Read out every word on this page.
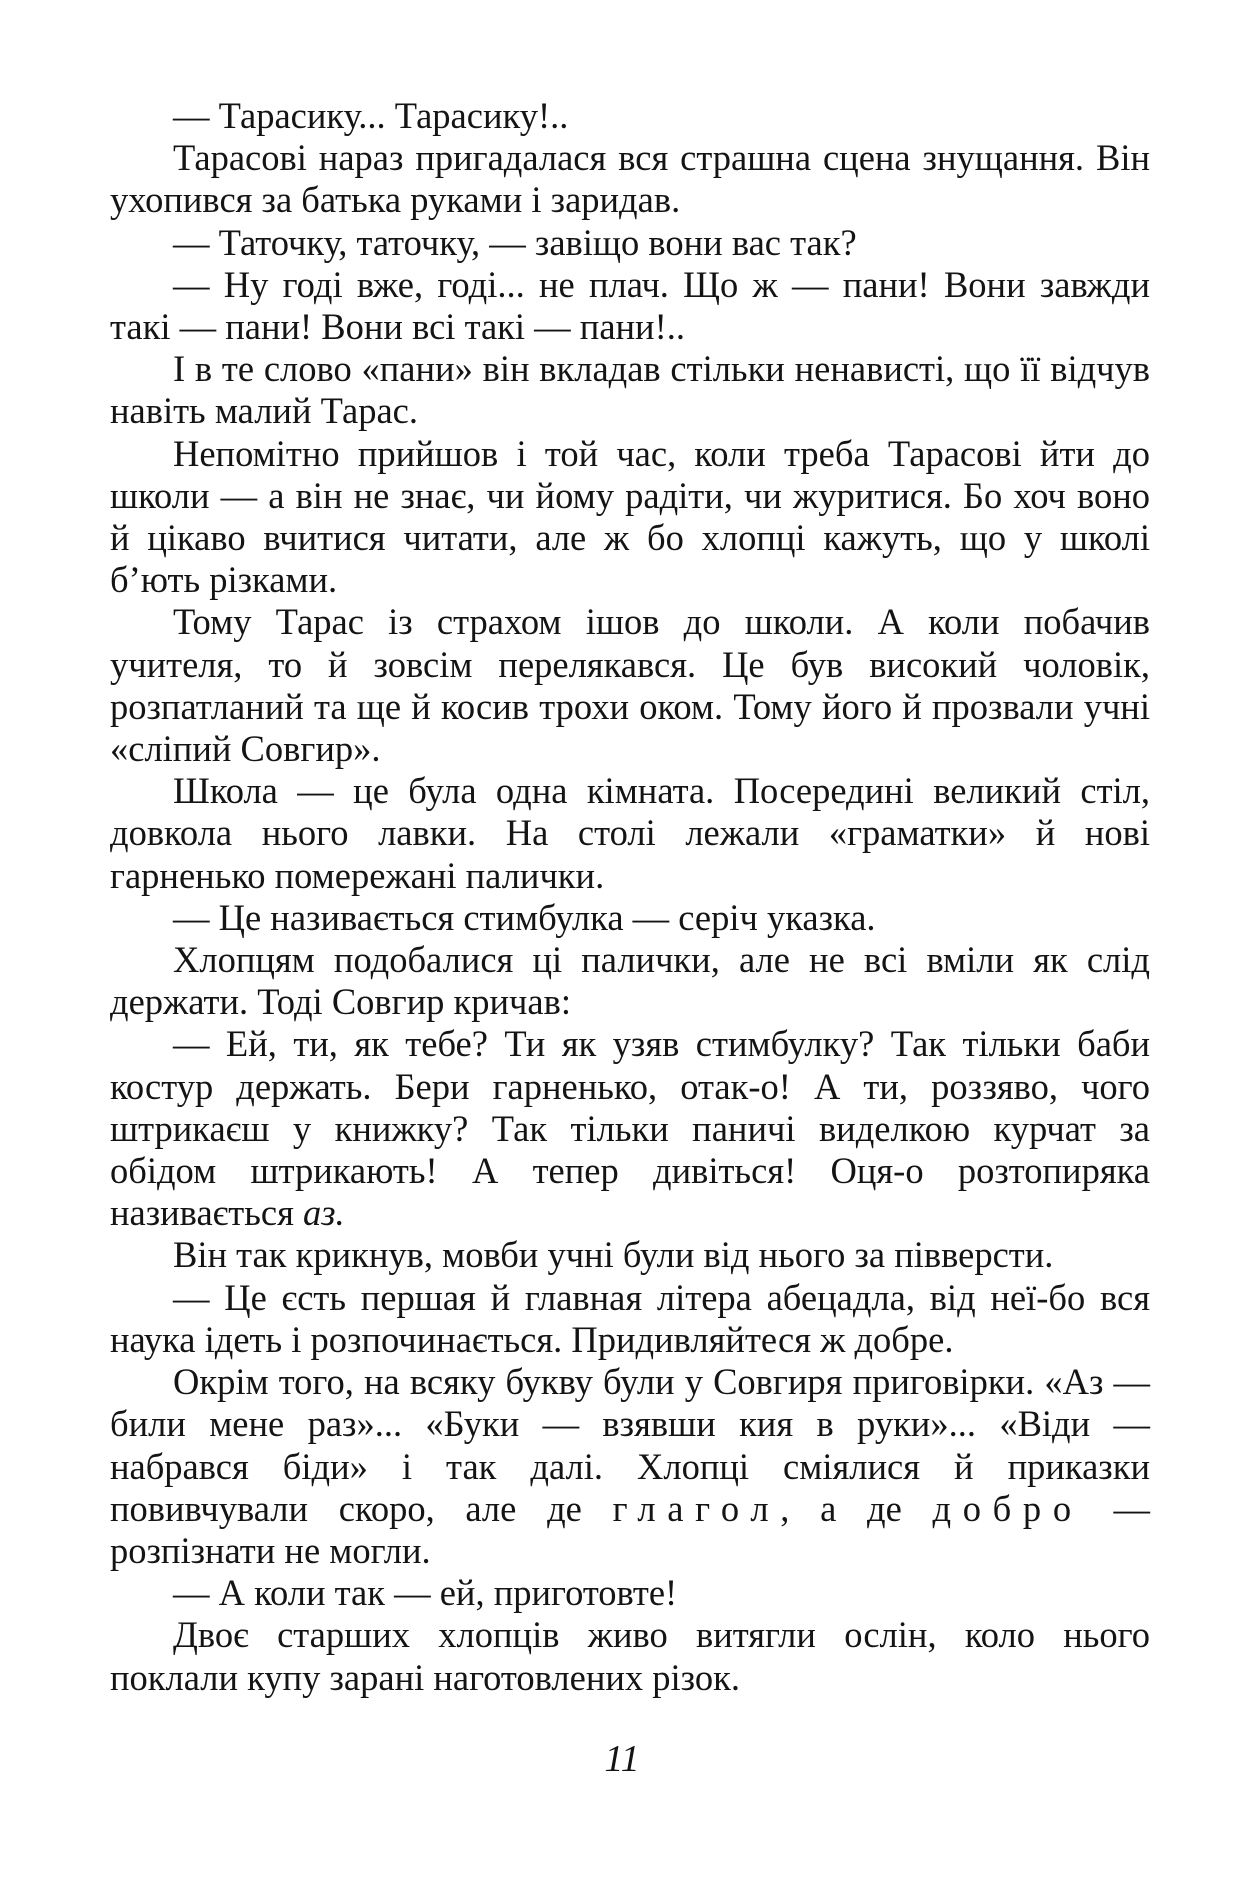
— Тарасику... Тарасику!..

Тарасові нараз пригадалася вся страшна сцена знущання. Він ухопився за батька руками і заридав.

— Таточку, таточку, — завіщо вони вас так?

— Ну годі вже, годі... не плач. Що ж — пани! Вони завжди такі — пани! Вони всі такі — пани!..

І в те слово «пани» він вкладав стільки ненависті, що її відчув навіть малий Тарас.

Непомітно прийшов і той час, коли треба Тарасові йти до школи — а він не знає, чи йому радіти, чи журитися. Бо хоч воно й цікаво вчитися читати, але ж бо хлопці кажуть, що у школі б’ють різками.

Тому Тарас із страхом ішов до школи. А коли побачив учителя, то й зовсім перелякався. Це був високий чоловік, розпатланий та ще й косив трохи оком. Тому його й прозвали учні «сліпий Совгир».

Школа — це була одна кімната. Посередині великий стіл, довкола нього лавки. На столі лежали «граматки» й нові гарненько помережані палички.

— Це називається стимбулка — серіч указка.

Хлопцям подобалися ці палички, але не всі вміли як слід держати. Тоді Совгир кричав:

— Ей, ти, як тебе? Ти як узяв стимбулку? Так тільки баби костур держать. Бери гарненько, отак-о! А ти, роззяво, чого штрикаєш у книжку? Так тільки паничі виделкою курчат за обідом штрикають! А тепер дивіться! Оця-о розтопиряка називається аз.

Він так крикнув, мовби учні були від нього за півверсти.

— Це єсть першая й главная літера абецадла, від неї-бо вся наука ідеть і розпочинається. Придивляйтеся ж добре.

Окрім того, на всяку букву були у Совгиря приговірки. «Аз — били мене раз»... «Буки — взявши кия в руки»... «Віди — набрався біди» і так далі. Хлопці сміялися й приказки повивчували скоро, але де глагол, а де добро — розпізнати не могли.

— А коли так — ей, приготовте!

Двоє старших хлопців живо витягли ослін, коло нього поклали купу зарані наготовлених різок.

11
